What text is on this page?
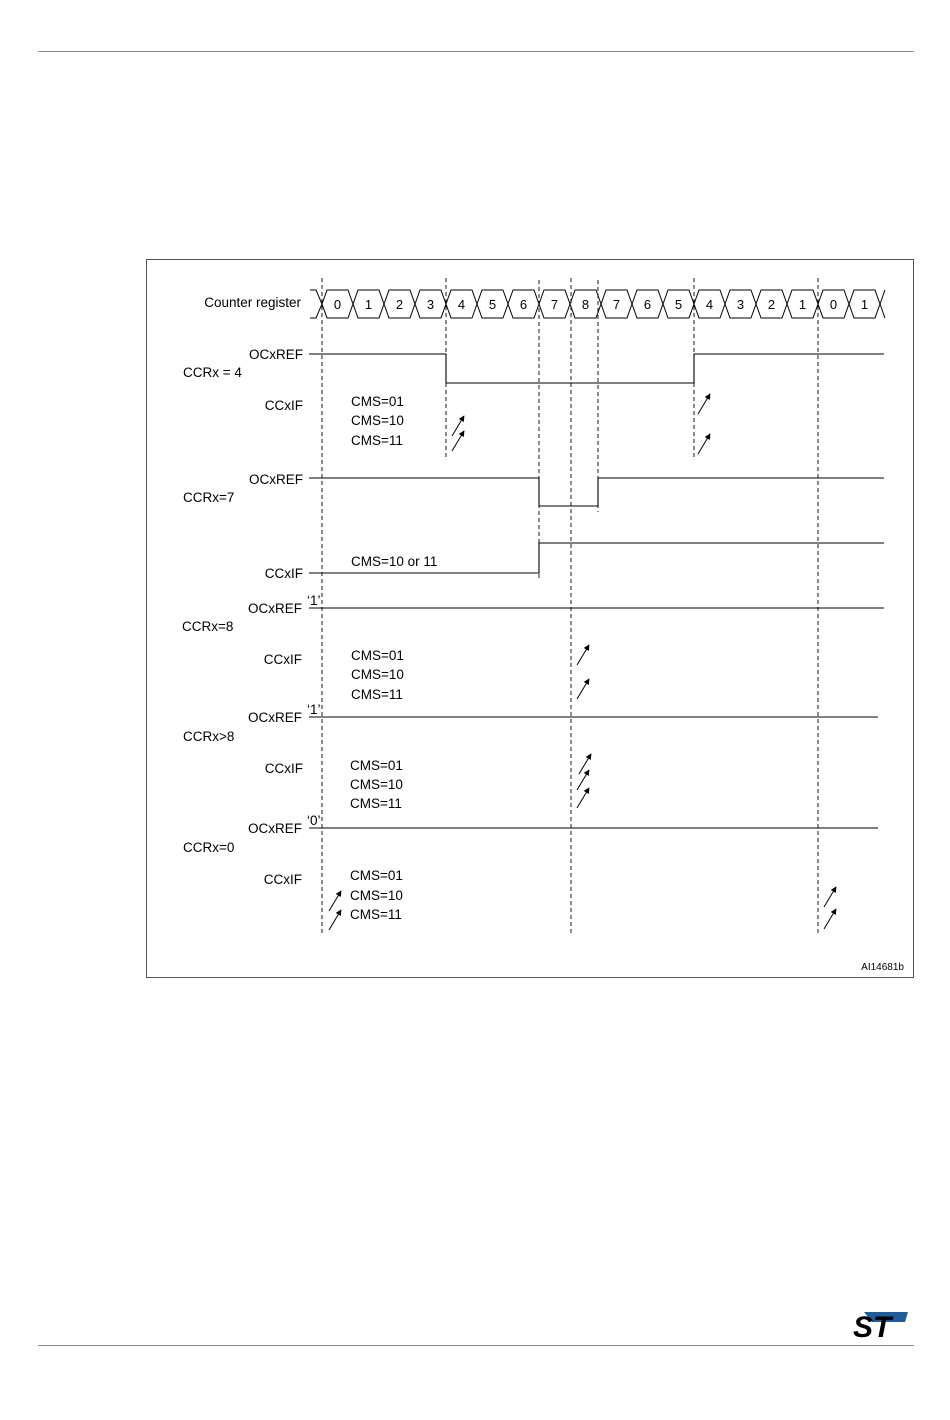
Counter register	0 1 2 3 4 5 6 7 8 7 6 5 4 3 2 1 0 1
OCxREF
CCRx = 4
CCxIF	CMS=01
CMS=10
CMS=11
OCxREF
CCRx=7
CMS=10 or 11
CCxIF
‘1’
OCxREF
CCRx=8
CCxIF	CMS=01
CMS=10
CMS=11
‘1’
OCxREF
CCRx>8
CCxIF	CMS=01
CMS=10
CMS=11
‘0’
OCxREF
CCRx=0
CCxIF	CMS=01
CMS=10
CMS=11
AI14681b
ST
